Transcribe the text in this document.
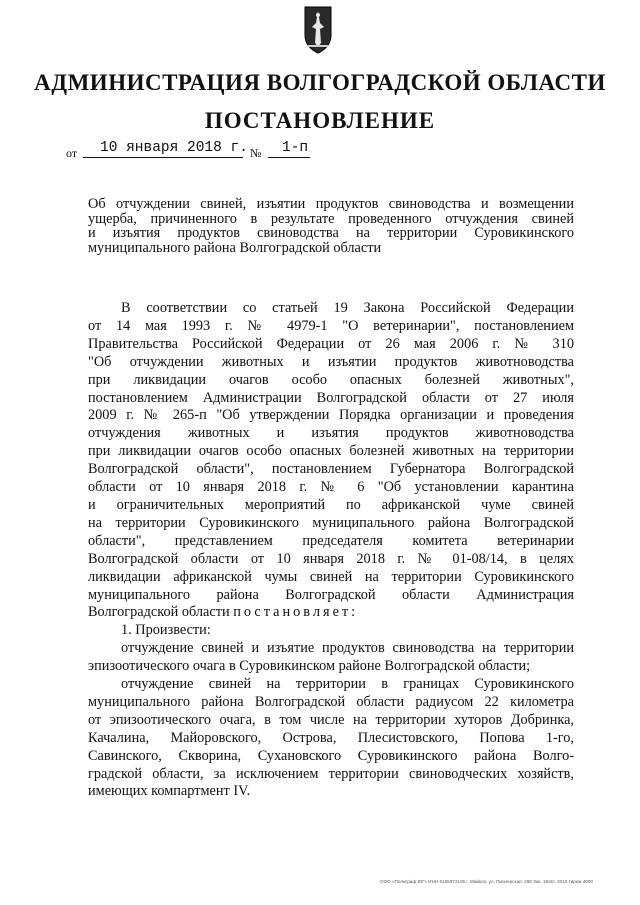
АДМИНИСТРАЦИЯ ВОЛГОГРАДСКОЙ ОБЛАСТИ
ПОСТАНОВЛЕНИЕ
от 10 января 2018 г. № 1-п
Об отчуждении свиней, изъятии продуктов свиноводства и возмещении
ущерба, причиненного в результате проведенного отчуждения свиней
и изъятия продуктов свиноводства на территории Суровикинского
муниципального района Волгоградской области
В соответствии со статьей 19 Закона Российской Федерации
от 14 мая 1993 г. № 4979-1 "О ветеринарии", постановлением
Правительства Российской Федерации от 26 мая 2006 г. № 310
"Об отчуждении животных и изъятии продуктов животноводства
при ликвидации очагов особо опасных болезней животных",
постановлением Администрации Волгоградской области от 27 июля
2009 г. № 265-п "Об утверждении Порядка организации и проведения
отчуждения животных и изъятия продуктов животноводства
при ликвидации очагов особо опасных болезней животных на территории
Волгоградской области", постановлением Губернатора Волгоградской
области от 10 января 2018 г. № 6 "Об установлении карантина
и ограничительных мероприятий по африканской чуме свиней
на территории Суровикинского муниципального района Волгоградской
области", представлением председателя комитета ветеринарии
Волгоградской области от 10 января 2018 г. № 01-08/14, в целях
ликвидации африканской чумы свиней на территории Суровикинского
муниципального района Волгоградской области Администрация
Волгоградской области постановляет:
1. Произвести:
отчуждение свиней и изъятие продуктов свиноводства на территории
эпизоотического очага в Суровикинском районе Волгоградской области;
отчуждение свиней на территории в границах Суровикинского
муниципального района Волгоградской области радиусом 22 километра
от эпизоотического очага, в том числе на территории хуторов Добринка,
Качалина, Майоровского, Острова, Плесистовского, Попова 1-го,
Савинского, Скворина, Сухановского Суровикинского района Волго-
градской области, за исключением территории свиноводческих хозяйств,
имеющих компартмент IV.
ООО «Полиграф-ЮГ» ИНН 6165072106 г. Майкоп, ул. Пионерская, 268 Зак. 19х5т. 2015 тираж 4000
